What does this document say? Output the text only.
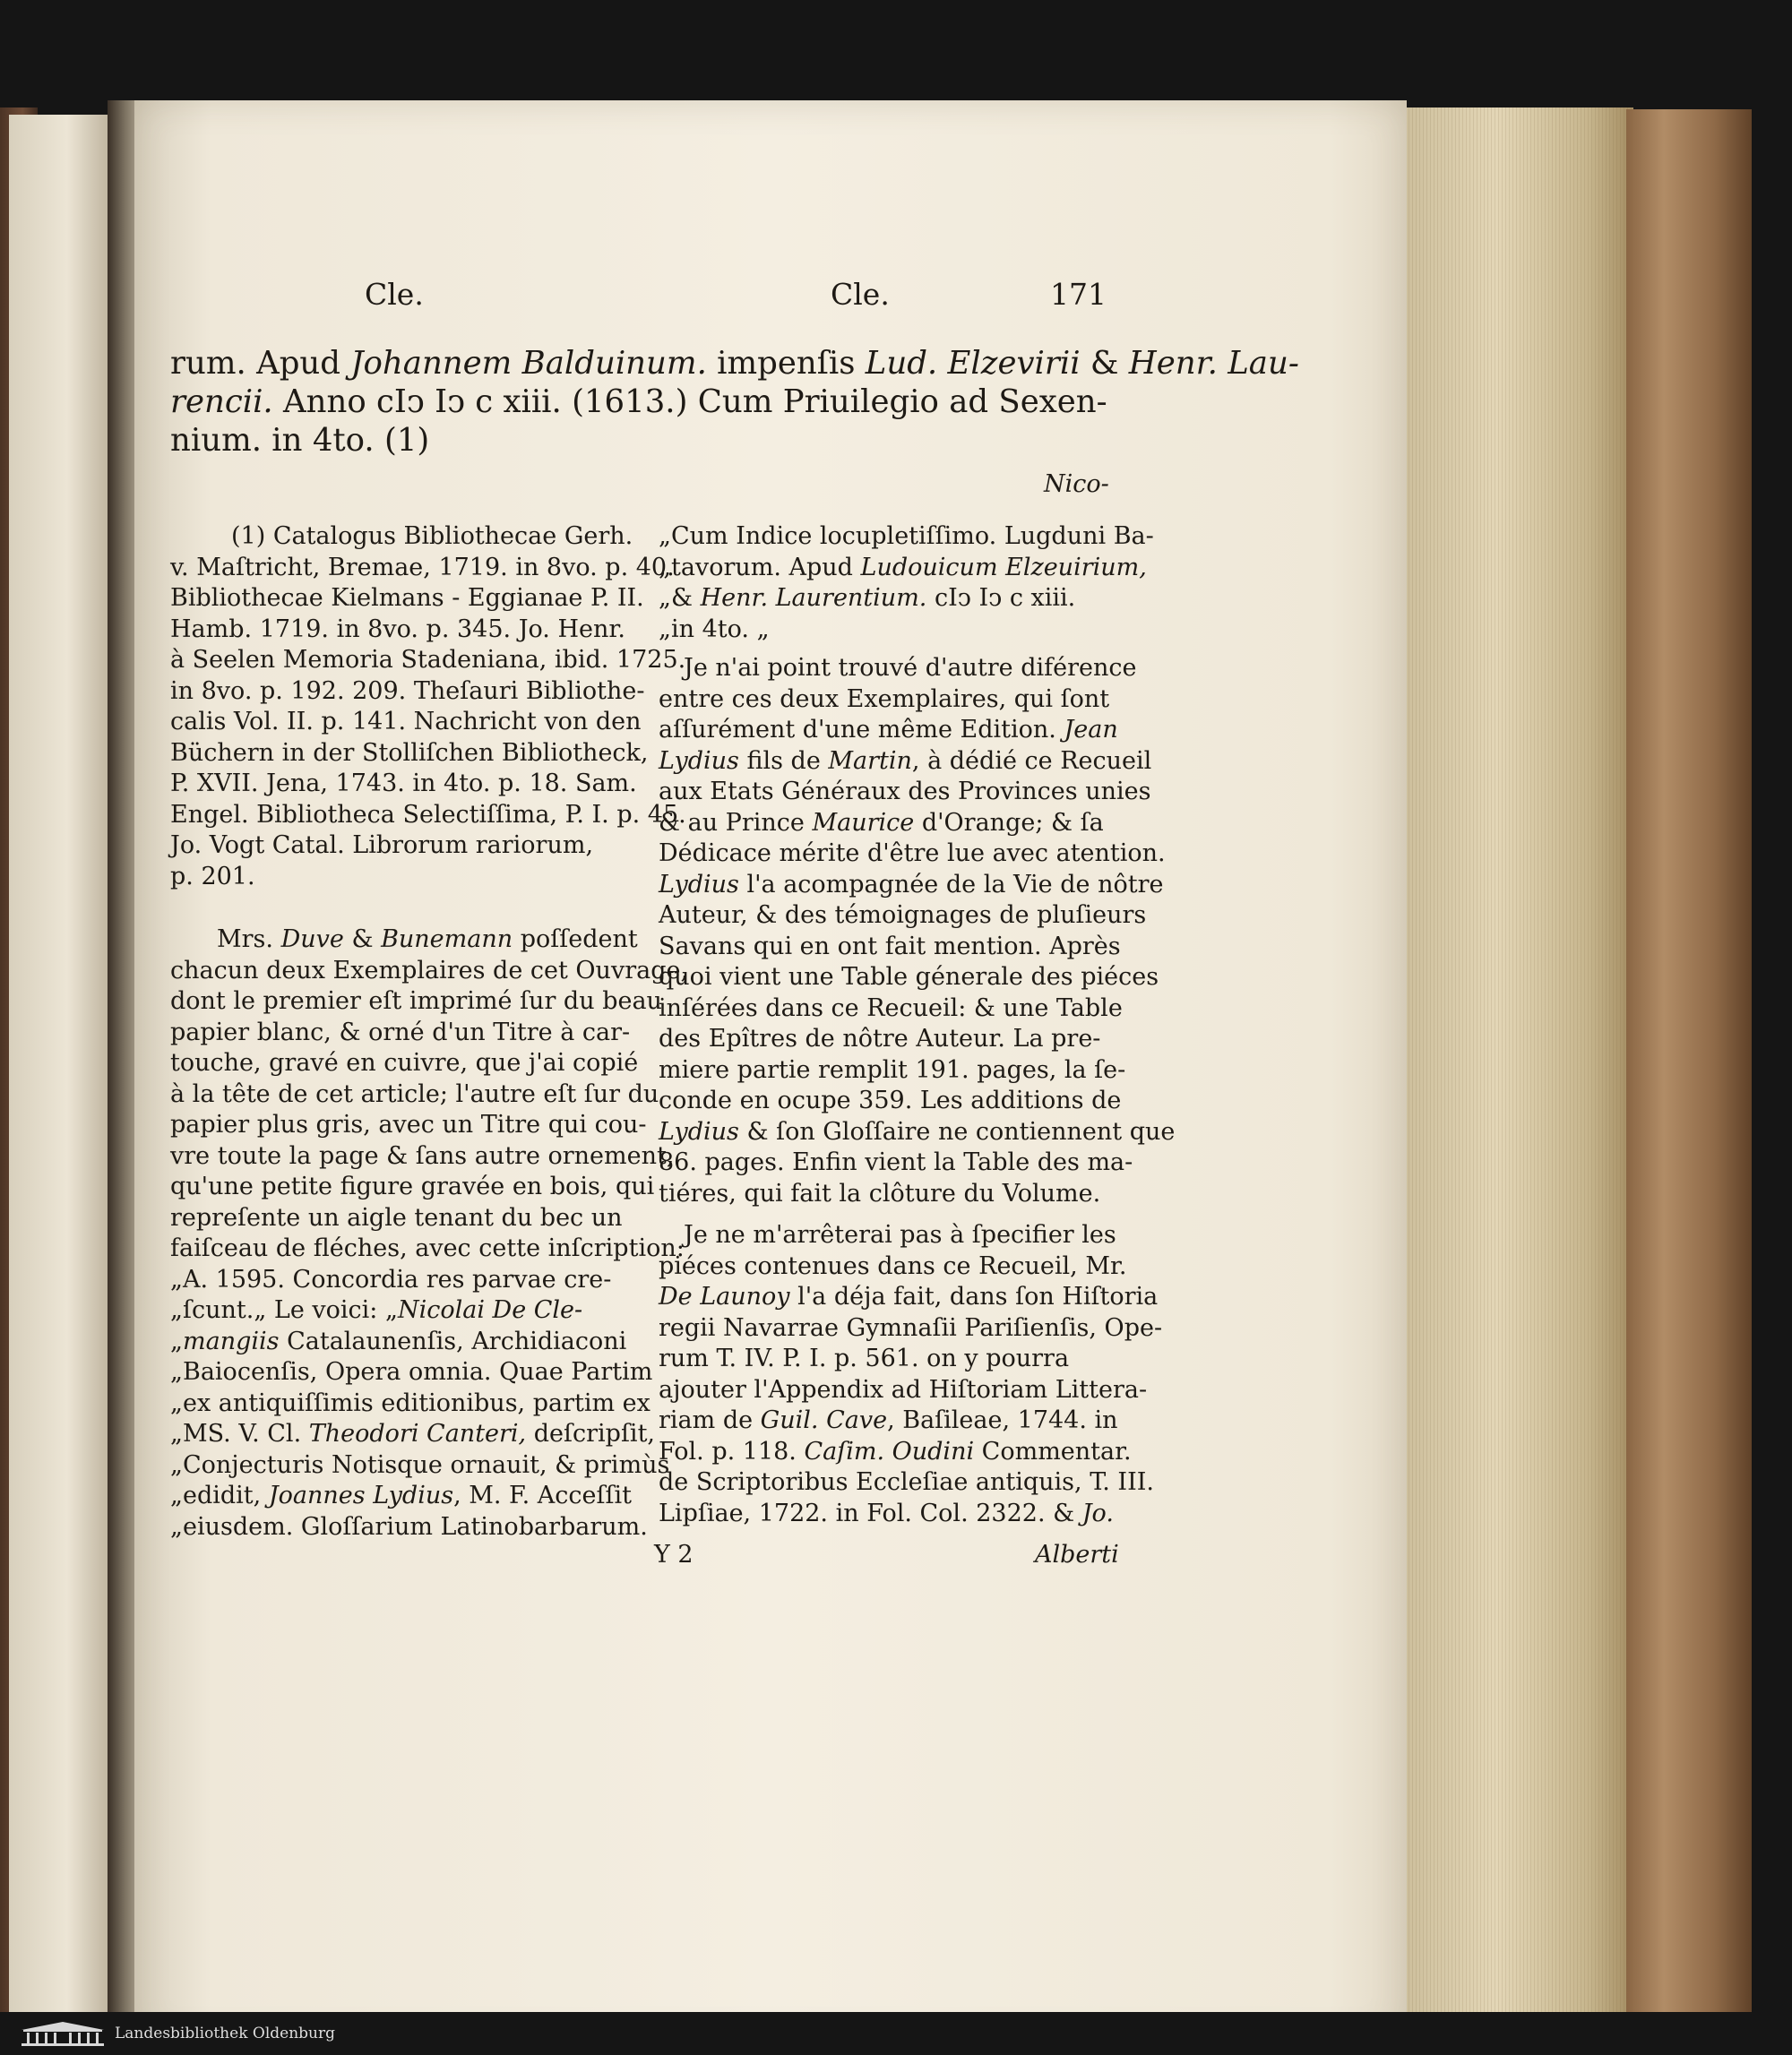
Cle.	Cle.	171
rum. Apud Johannem Balduinum. impenſis Lud. Elzevirii & Henr. Lau-
rencii. Anno cIↄ Iↄ c xiii. (1613.) Cum Priuilegio ad Sexen-
nium. in 4to. (1)
Nico-
(1) Catalogus Bibliothecae Gerh.
v. Maſtricht, Bremae, 1719. in 8vo. p. 40.
Bibliothecae Kielmans - Eggianae P. II.
Hamb. 1719. in 8vo. p. 345. Jo. Henr.
à Seelen Memoria Stadeniana, ibid. 1725.
in 8vo. p. 192. 209. Theſauri Bibliothe-
calis Vol. II. p. 141. Nachricht von den
Büchern in der Stolliſchen Bibliotheck,
P. XVII. Jena, 1743. in 4to. p. 18. Sam.
Engel. Bibliotheca Selectiſſima, P. I. p. 45.
Jo. Vogt Catal. Librorum rariorum,
p. 201.
Mrs. Duve & Bunemann poſſedent
chacun deux Exemplaires de cet Ouvrage,
dont le premier eſt imprimé ſur du beau
papier blanc, & orné d'un Titre à car-
touche, gravé en cuivre, que j'ai copié
à la tête de cet article; l'autre eſt ſur du
papier plus gris, avec un Titre qui cou-
vre toute la page & ſans autre ornement,
qu'une petite figure gravée en bois, qui
repreſente un aigle tenant du bec un
faiſceau de fléches, avec cette inſcription:
„A. 1595. Concordia res parvae cre-
„ſcunt.„ Le voici: „Nicolai De Cle-
„mangiis Catalaunenſis, Archidiaconi
„Baiocenſis, Opera omnia. Quae Partim
„ex antiquiſſimis editionibus, partim ex
„MS. V. Cl. Theodori Canteri, deſcripſit,
„Conjecturis Notisque ornauit, & primùs
„edidit, Joannes Lydius, M. F. Acceſſit
„eiusdem. Gloſſarium Latinobarbarum.
Y 2
„Cum Indice locupletiſſimo. Lugduni Ba-
„tavorum. Apud Ludouicum Elzeuirium,
„& Henr. Laurentium. cIↄ Iↄ c xiii.
„in 4to. „
Je n'ai point trouvé d'autre diférence
entre ces deux Exemplaires, qui ſont
aſſurément d'une même Edition. Jean
Lydius fils de Martin, à dédié ce Recueil
aux Etats Généraux des Provinces unies
& au Prince Maurice d'Orange; & ſa
Dédicace mérite d'être lue avec atention.
Lydius l'a acompagnée de la Vie de nôtre
Auteur, & des témoignages de pluſieurs
Savans qui en ont fait mention. Après
quoi vient une Table génerale des piéces
inſérées dans ce Recueil: & une Table
des Epîtres de nôtre Auteur. La pre-
miere partie remplit 191. pages, la ſe-
conde en ocupe 359. Les additions de
Lydius & ſon Gloſſaire ne contiennent que
86. pages. Enfin vient la Table des ma-
tiéres, qui fait la clôture du Volume.
Je ne m'arrêterai pas à ſpecifier les
piéces contenues dans ce Recueil, Mr.
De Launoy l'a déja fait, dans ſon Hiſtoria
regii Navarrae Gymnaſii Pariſienſis, Ope-
rum T. IV. P. I. p. 561. on y pourra
ajouter l'Appendix ad Hiſtoriam Littera-
riam de Guil. Cave, Baſileae, 1744. in
Fol. p. 118. Caſim. Oudini Commentar.
de Scriptoribus Eccleſiae antiquis, T. III.
Lipſiae, 1722. in Fol. Col. 2322. & Jo.
Alberti
Landesbibliothek Oldenburg
